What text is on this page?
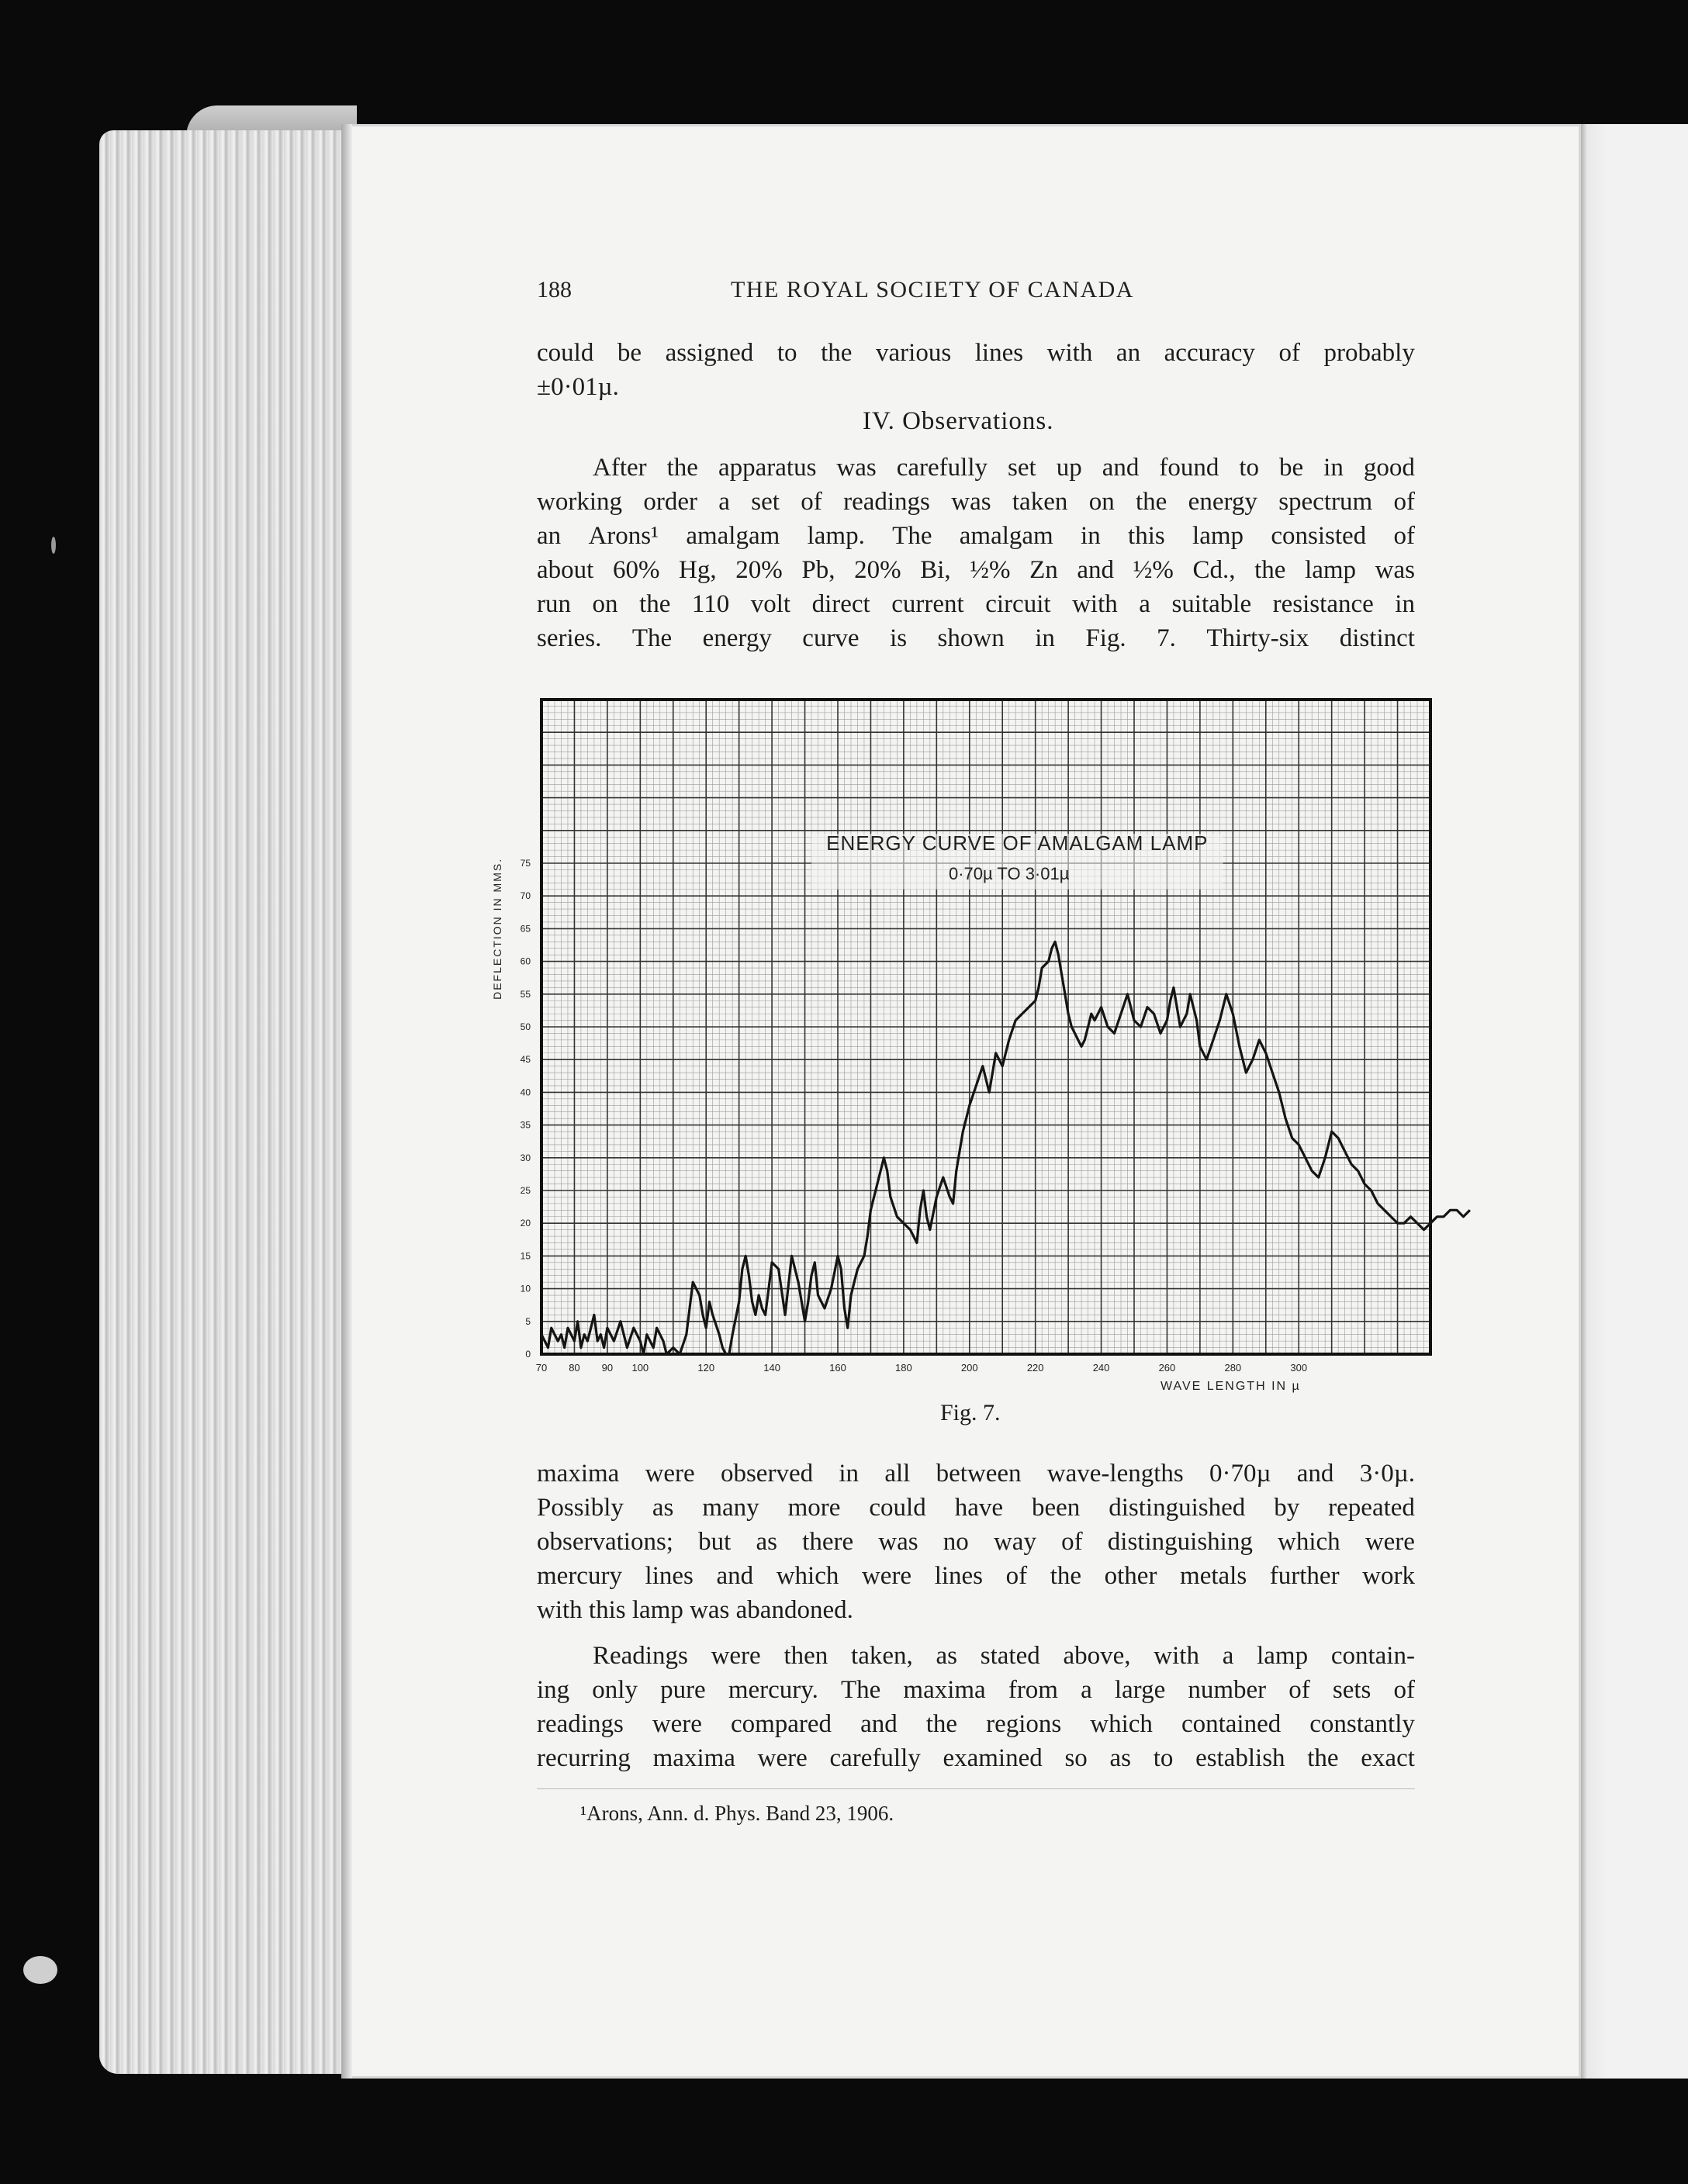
188	THE ROYAL SOCIETY OF CANADA
could be assigned to the various lines with an accuracy of probably
±0·01µ.
IV. Observations.
After the apparatus was carefully set up and found to be in good
working order a set of readings was taken on the energy spectrum of
an Arons¹ amalgam lamp. The amalgam in this lamp consisted of
about 60% Hg, 20% Pb, 20% Bi, ½% Zn and ½% Cd., the lamp was
run on the 110 volt direct current circuit with a suitable resistance in
series. The energy curve is shown in Fig. 7. Thirty-six distinct
ENERGY CURVE OF AMALGAM LAMP
0·70µ TO 3·01µ
70 80 90 100	120	140	160	180	200	220	240	260	280	300
0
5
10
15
20
25
30
35
40
45
50
55
60
65
70
75
WAVE LENGTH IN µ
DEFLECTION IN MMS.
Fig. 7.
maxima were observed in all between wave-lengths 0·70µ and 3·0µ.
Possibly as many more could have been distinguished by repeated
observations; but as there was no way of distinguishing which were
mercury lines and which were lines of the other metals further work
with this lamp was abandoned.
Readings were then taken, as stated above, with a lamp contain-
ing only pure mercury. The maxima from a large number of sets of
readings were compared and the regions which contained constantly
recurring maxima were carefully examined so as to establish the exact
¹Arons, Ann. d. Phys. Band 23, 1906.
